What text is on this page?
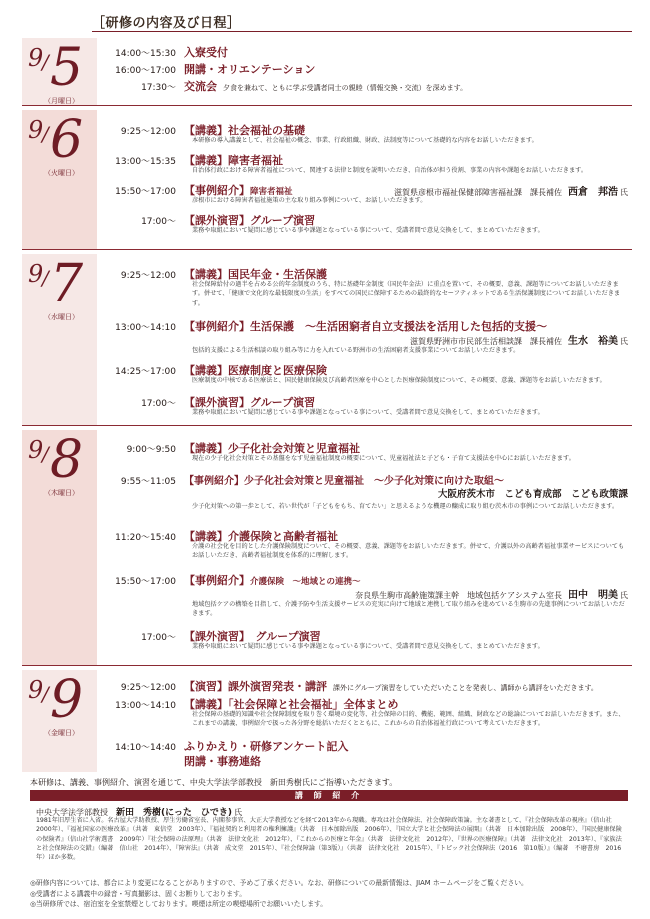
［研修の内容及び日程］
9
/ 5
（月曜日）
14:00～15:30 入寮受付
16:00～17:00 開講・オリエンテーション
17:30～ 交流会 夕食を兼ねて、ともに学ぶ受講者同士の親睦（情報交換・交流）を深めます。
9
/ 6
（火曜日）
9:25～12:00 【講義】社会福祉の基礎
本研修の導入講義として、社会福祉の概念、事業、行政組織、財政、法制度等について基礎的な内容をお話しいただきます。
13:00～15:35 【講義】障害者福祉
自治体行政における障害者福祉について、関連する法律と制度を説明いただき、自治体が担う役割、事業の内容や課題をお話しいただきます。
15:50～17:00 【事例紹介】障害者福祉	滋賀県彦根市福祉保健部障害福祉課　課長補佐 西倉　邦浩 氏
彦根市における障害者福祉施策の主な取り組み事例について、お話しいただきます。
17:00～ 【課外演習】グループ演習
業務や取組において疑問に感じている事や課題となっている事について、受講者間で意見交換をして、まとめていただきます。
9
/ 7
（水曜日）
9:25～12:00 【講義】国民年金・生活保護
社会保障給付の過半を占める公的年金制度のうち、特に基礎年金制度（国民年金法）に重点を置いて、その概要、意義、課題等についてお話しいただきます。併せて、「健康で文化的な最低限度の生活」をすべての国民に保障するための最終的なセーフティネットである生活保護制度についてお話しいただきます。
13:00～14:10 【事例紹介】生活保護　～生活困窮者自立支援法を活用した包括的支援～
滋賀県野洲市市民部生活相談課　課長補佐 生水　裕美 氏
包括的支援による生活相談の取り組み等に力を入れている野洲市の生活困窮者支援事業についてお話しいただきます。
14:25～17:00 【講義】医療制度と医療保険
医療制度の中核である医療法と、国民健康保険及び高齢者医療を中心とした医療保険制度について、その概要、意義、課題等をお話しいただきます。
17:00～ 【課外演習】グループ演習
業務や取組において疑問に感じている事や課題となっている事について、受講者間で意見交換をして、まとめていただきます。
9
/ 8
（木曜日）
9:00～9:50 【講義】少子化社会対策と児童福祉
現在の少子化社会対策とその基盤をなす児童福祉制度の概要について、児童福祉法と子ども・子育て支援法を中心にお話しいただきます。
9:55～11:05 【事例紹介】少子化社会対策と児童福祉　～少子化対策に向けた取組～
大阪府茨木市　こども育成部　こども政策課
少子化対策への第一歩として、若い世代が「子どもをもち、育てたい」と思えるような機運の醸成に取り組む茨木市の事例についてお話しいただきます。
11:20～15:40 【講義】介護保険と高齢者福祉
介護の社会化を目的とした介護保険制度について、その概要、意義、課題等をお話しいただきます。併せて、介護以外の高齢者福祉事業サービスについてもお話しいただき、高齢者福祉制度を体系的に理解します。
15:50～17:00 【事例紹介】介護保険　～地域との連携～
奈良県生駒市高齢施策課主幹　地域包括ケアシステム室長 田中　明美 氏
地域包括ケアの構築を目指して、介護予防や生活支援サービスの充実に向けて地域と連携して取り組みを進めている生駒市の先進事例についてお話しいただきます。
17:00～ 【課外演習】　グループ演習
業務や取組において疑問に感じている事や課題となっている事について、受講者間で意見交換をして、まとめていただきます。
9
/ 9
（金曜日）
9:25～12:00 【演習】課外演習発表・講評 課外にグループ演習をしていただいたことを発表し、講師から講評をいただきます。
13:00～14:10 【講義】「社会保障と社会福祉」全体まとめ
社会保障の基礎的知識や社会保障制度を取り巻く環境の変化等、社会保障の目的、機能、範囲、組織、財政などの総論についてお話しいただきます。また、これまでの講義、事例紹介で扱った各分野を総括いただくとともに、これからの自治体福祉行政について考えていただきます。
14:10～14:40 ふりかえり・研修アンケート記入
閉講・事務連絡
本研修は、講義、事例紹介、演習を通じて、中央大学法学部教授　新田秀樹氏にご指導いただきます。
講 師 紹 介
中央大学法学部教授 新田　秀樹(にった　ひでき) 氏
1981年旧厚生省に入省。名古屋大学助教授、厚生労働省室長、内閣参事官、大正大学教授などを経て2013年から現職。専攻は社会保障法、社会保障政策論。主な著書として、『社会保障改革の視座』（信山社　2000年）、『福祉国家の医療改革』（共著　東信堂　2003年）、『福祉契約と利用者の権利擁護』（共著　日本加除出版　2006年）、『国立大学と社会保障法の展開』（共著　日本加除出版　2008年）、『国民健康保険の保険者』（信山社学術選書　2009年）『社会保障の法原理』（共著　法律文化社　2012年）、『これからの医療と年金』（共著　法律文化社　2012年）、『世界の医療保障』（共著　法律文化社　2013年）、『家族法と社会保障法の交錯』（編著　信山社　2014年）、『障害法』（共著　成文堂　2015年）、『社会保障論（第3版）』（共著　法律文化社　2015年）、『トピック社会保障法（2016　第10版）』（編著　不磨書房　2016年）ほか多数。
◎研修内容については、都合により変更になることがありますので、予めご了承ください。なお、研修についての最新情報は、JIAM ホームページをご覧ください。
◎受講者による講義中の録音・写真撮影は、固くお断りしております。
◎当研修所では、宿泊室を全室禁煙としております。喫煙は所定の喫煙場所でお願いいたします。
